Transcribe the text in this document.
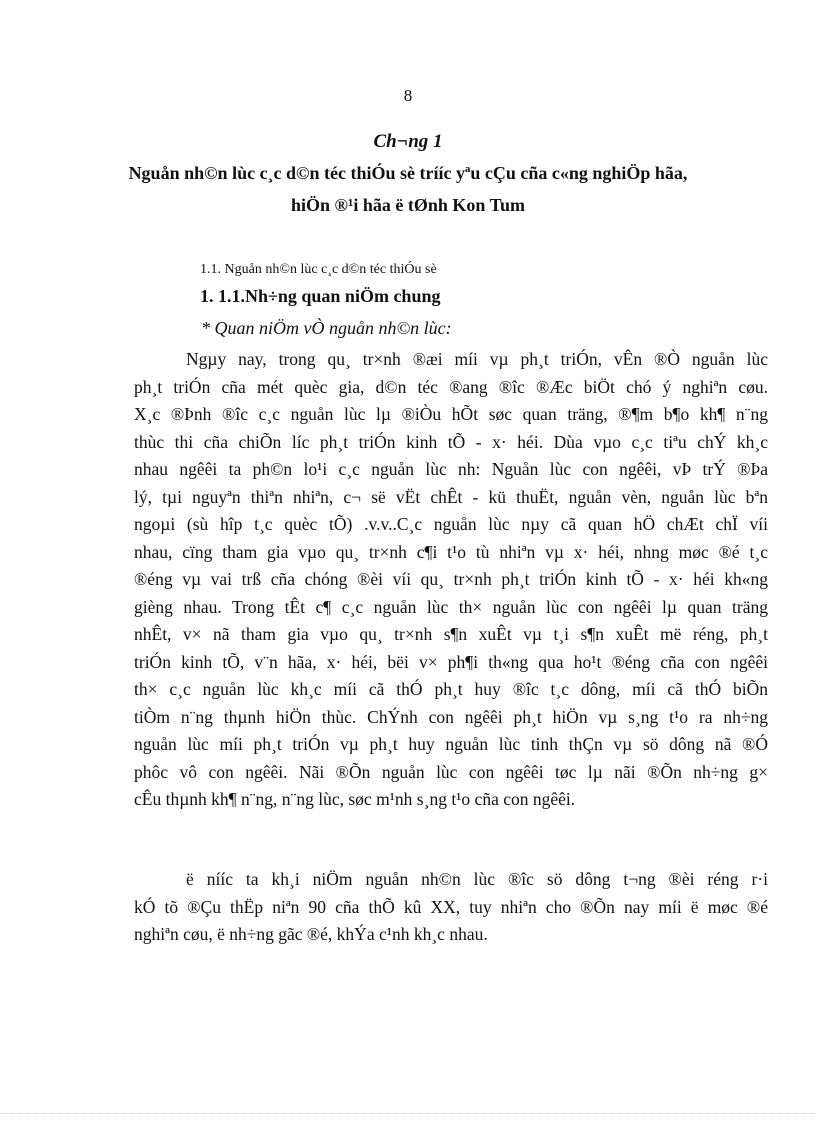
8
Ch¬ng 1
Nguån nh©n lùc c¸c d©n téc thiÓu sè trííc yªu cÇu cña c«ng nghiÖp hãa,
hiÖn ®¹i hãa ë tØnh Kon Tum
1.1. Nguån nh©n lùc c¸c d©n téc thiÓu sè
1. 1.1.Nh÷ng quan niÖm chung
* Quan niÖm vÒ nguån nh©n lùc:
Ngµy nay, trong qu¸ tr×nh ®æi míi vµ ph¸t triÓn, vÊn ®Ò nguån lùc
ph¸t triÓn cña mét quèc gia, d©n téc ®ang ®îc ®Æc biÖt chó ý nghiªn cøu.
X¸c ®Þnh ®îc c¸c nguån lùc lµ ®iÒu hÕt søc quan träng, ®¶m b¶o kh¶ n¨ng
thùc thi cña chiÕn líc ph¸t triÓn kinh tÕ - x· héi. Dùa vµo c¸c tiªu chÝ kh¸c
nhau ngêêi ta ph©n lo¹i c¸c nguån lùc nh: Nguån lùc con ngêêi, vÞ trÝ ®Þa
lý, tµi nguyªn thiªn nhiªn, c¬ së vËt chÊt - kü thuËt, nguån vèn, nguån lùc bªn
ngoµi (sù hîp t¸c quèc tÕ) .v.v..C¸c nguån lùc nµy cã quan hÖ chÆt chÏ víi
nhau, cïng tham gia vµo qu¸ tr×nh c¶i t¹o tù nhiªn vµ x· héi, nhng møc ®é t¸c
®éng vµ vai trß cña chóng ®èi víi qu¸ tr×nh ph¸t triÓn kinh tÕ - x· héi kh«ng
gièng nhau. Trong tÊt c¶ c¸c nguån lùc th× nguån lùc con ngêêi lµ quan träng
nhÊt, v× nã tham gia vµo qu¸ tr×nh s¶n xuÊt vµ t¸i s¶n xuÊt më réng, ph¸t
triÓn kinh tÕ, v¨n hãa, x· héi, bëi v× ph¶i th«ng qua ho¹t ®éng cña con ngêêi
th× c¸c nguån lùc kh¸c míi cã thÓ ph¸t huy ®îc t¸c dông, míi cã thÓ biÕn
tiÒm n¨ng thµnh hiÖn thùc. ChÝnh con ngêêi ph¸t hiÖn vµ s¸ng t¹o ra nh÷ng
nguån lùc míi ph¸t triÓn vµ ph¸t huy nguån lùc tinh thÇn vµ sö dông nã ®Ó
phôc vô con ngêêi. Nãi ®Õn nguån lùc con ngêêi tøc lµ nãi ®Õn nh÷ng g×
cÊu thµnh kh¶ n¨ng, n¨ng lùc, søc m¹nh s¸ng t¹o cña con ngêêi.
ë nííc ta kh¸i niÖm nguån nh©n lùc ®îc sö dông t¬ng ®èi réng r·i
kÓ tõ ®Çu thËp niªn 90 cña thÕ kû XX, tuy nhiªn cho ®Õn nay míi ë møc ®é
nghiªn cøu, ë nh÷ng gãc ®é, khÝa c¹nh kh¸c nhau.
